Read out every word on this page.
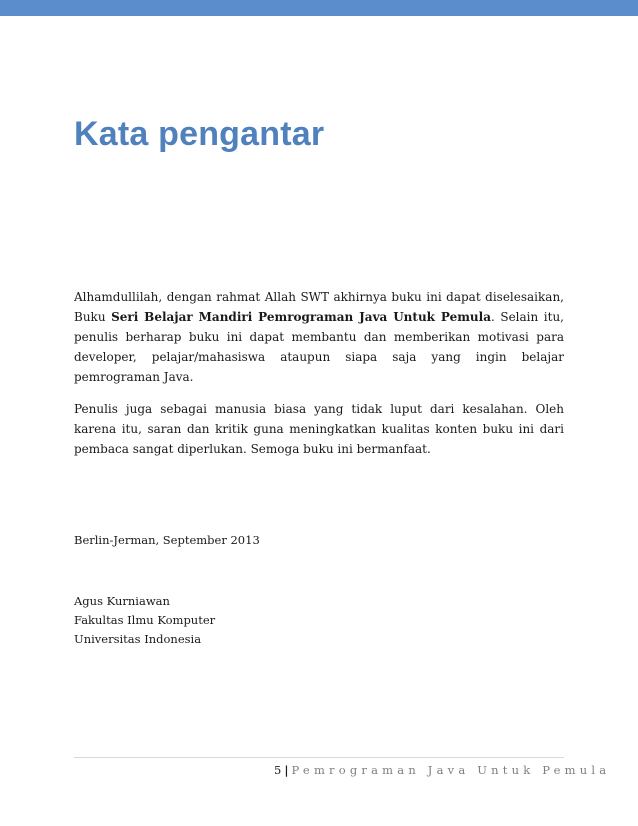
Kata pengantar

Alhamdullilah, dengan rahmat Allah SWT akhirnya buku ini dapat diselesaikan, Buku Seri Belajar Mandiri Pemrograman Java Untuk Pemula. Selain itu, penulis berharap buku ini dapat membantu dan memberikan motivasi para developer, pelajar/mahasiswa ataupun siapa saja yang ingin belajar pemrograman Java.

Penulis juga sebagai manusia biasa yang tidak luput dari kesalahan. Oleh karena itu, saran dan kritik guna meningkatkan kualitas konten buku ini dari pembaca sangat diperlukan. Semoga buku ini bermanfaat.

Berlin-Jerman, September 2013

Agus Kurniawan
Fakultas Ilmu Komputer
Universitas Indonesia
5 | Pemrograman Java Untuk Pemula
